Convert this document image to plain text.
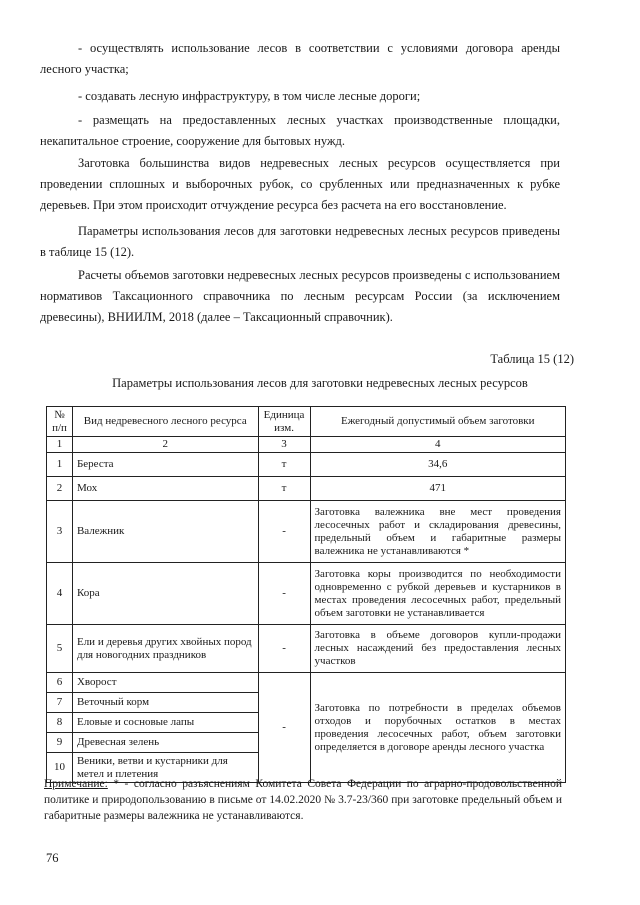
- осуществлять использование лесов в соответствии с условиями договора аренды лесного участка;

- создавать лесную инфраструктуру, в том числе лесные дороги;

- размещать на предоставленных лесных участках производственные площадки, некапитальное строение, сооружение для бытовых нужд.

Заготовка большинства видов недревесных лесных ресурсов осуществляется при проведении сплошных и выборочных рубок, со срубленных или предназначенных к рубке деревьев. При этом происходит отчуждение ресурса без расчета на его восстановление.

Параметры использования лесов для заготовки недревесных лесных ресурсов приведены в таблице 15 (12).

Расчеты объемов заготовки недревесных лесных ресурсов произведены с использованием нормативов Таксационного справочника по лесным ресурсам России (за исключением древесины), ВНИИЛМ, 2018 (далее – Таксационный справочник).

Таблица 15 (12)
Параметры использования лесов для заготовки недревесных лесных ресурсов
№ п/п	Вид недревесного лесного ресурса	Единица изм.	Ежегодный допустимый объем заготовки
1	2	3	4
1	Береста	т	34,6
2	Мох	т	471
3	Валежник	-	Заготовка валежника вне мест проведения лесосечных работ и складирования древесины, предельный объем и габаритные размеры валежника не устанавливаются *
4	Кора	-	Заготовка коры производится по необходимости одновременно с рубкой деревьев и кустарников в местах проведения лесосечных работ, предельный объем заготовки не устанавливается
5	Ели и деревья других хвойных пород для новогодних праздников	-	Заготовка в объеме договоров купли-продажи лесных насаждений без предоставления лесных участков
6	Хворост	-	Заготовка по потребности в пределах объемов отходов и порубочных остатков в местах проведения лесосечных работ, объем заготовки определяется в договоре аренды лесного участка
7	Веточный корм		
8	Еловые и сосновые лапы		
9	Древесная зелень		
10	Веники, ветви и кустарники для метел и плетения		

Примечание: * - согласно разъяснениям Комитета Совета Федерации по аграрно-продовольственной политике и природопользованию в письме от 14.02.2020 № 3.7-23/360 при заготовке предельный объем и габаритные размеры валежника не устанавливаются.

76
